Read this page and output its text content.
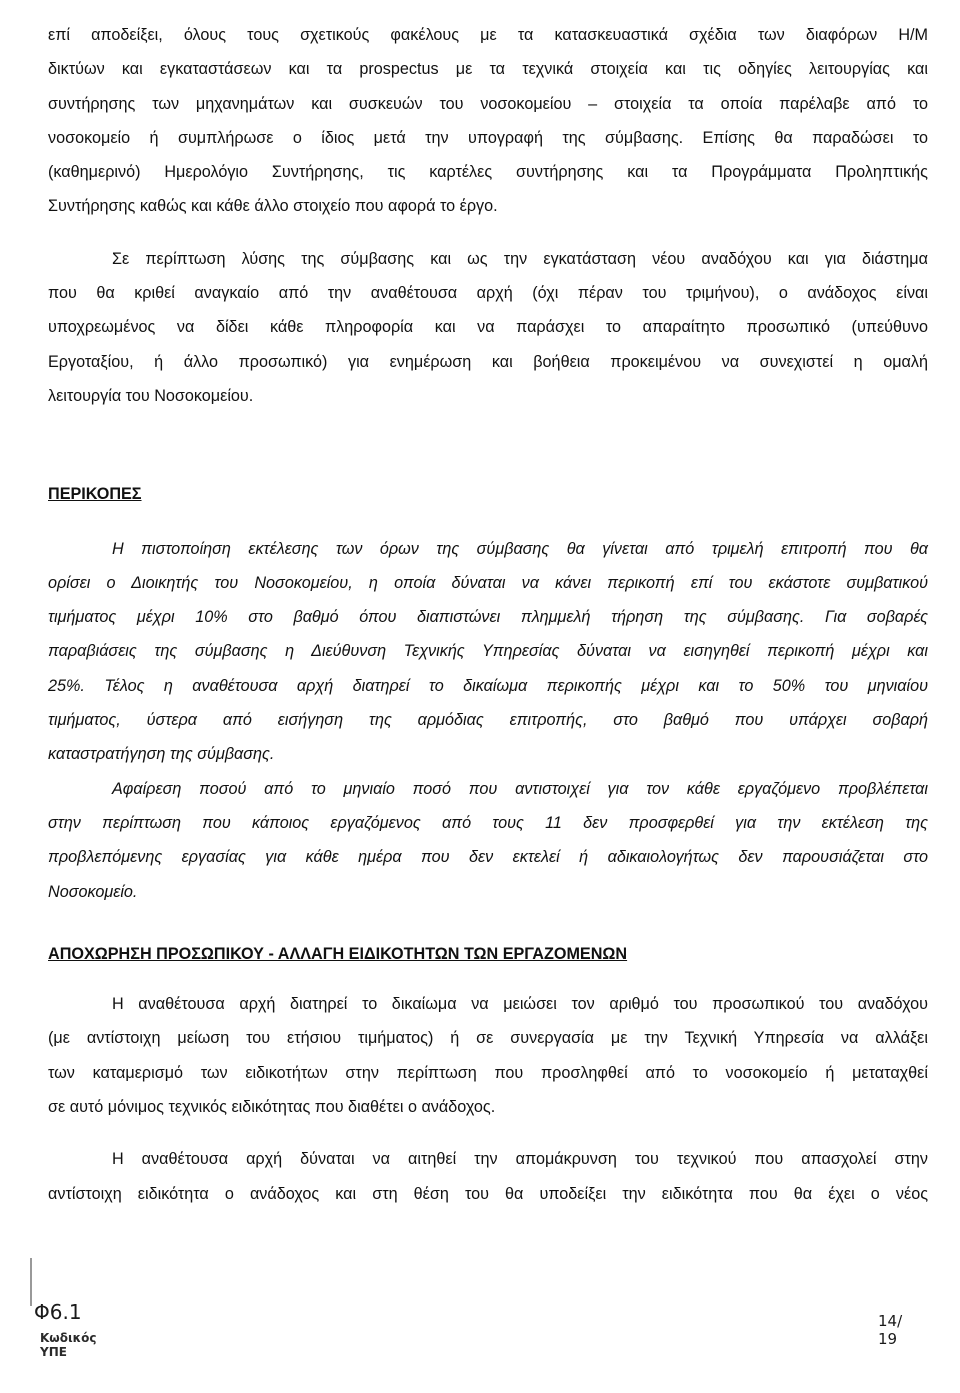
επί αποδείξει, όλους τους σχετικούς φακέλους με τα κατασκευαστικά σχέδια των διαφόρων Η/Μ
δικτύων και εγκαταστάσεων και τα prospectus με τα τεχνικά στοιχεία και τις οδηγίες λειτουργίας και
συντήρησης των μηχανημάτων και συσκευών του νοσοκομείου – στοιχεία τα οποία παρέλαβε από το
νοσοκομείο ή συμπλήρωσε ο ίδιος μετά την υπογραφή της σύμβασης. Επίσης θα παραδώσει το
(καθημερινό) Ημερολόγιο Συντήρησης, τις καρτέλες συντήρησης και τα Προγράμματα Προληπτικής
Συντήρησης καθώς και κάθε άλλο στοιχείο που αφορά το έργο.
Σε περίπτωση λύσης της σύμβασης και ως την εγκατάσταση νέου αναδόχου και για διάστημα
που θα κριθεί αναγκαίο από την αναθέτουσα αρχή (όχι πέραν του τριμήνου), ο ανάδοχος είναι
υποχρεωμένος να δίδει κάθε πληροφορία και να παράσχει το απαραίτητο προσωπικό (υπεύθυνο
Εργοταξίου, ή άλλο προσωπικό) για ενημέρωση και βοήθεια προκειμένου να συνεχιστεί η ομαλή
λειτουργία του Νοσοκομείου.
ΠΕΡΙΚΟΠΕΣ
Η πιστοποίηση εκτέλεσης των όρων της σύμβασης θα γίνεται από τριμελή επιτροπή που θα
ορίσει ο Διοικητής του Νοσοκομείου, η οποία δύναται να κάνει περικοπή επί του εκάστοτε συμβατικού
τιμήματος μέχρι 10% στο βαθμό όπου διαπιστώνει πλημμελή τήρηση της σύμβασης. Για σοβαρές
παραβιάσεις της σύμβασης η Διεύθυνση Τεχνικής Υπηρεσίας δύναται να εισηγηθεί περικοπή μέχρι και
25%. Τέλος η αναθέτουσα αρχή διατηρεί το δικαίωμα περικοπής μέχρι και το 50% του μηνιαίου
τιμήματος, ύστερα από εισήγηση της αρμόδιας επιτροπής, στο βαθμό που υπάρχει σοβαρή
καταστρατήγηση της σύμβασης.
Αφαίρεση ποσού από το μηνιαίο ποσό που αντιστοιχεί για τον κάθε εργαζόμενο προβλέπεται
στην περίπτωση που κάποιος εργαζόμενος από τους 11 δεν προσφερθεί για την εκτέλεση της
προβλεπόμενης εργασίας για κάθε ημέρα που δεν εκτελεί ή αδικαιολογήτως δεν παρουσιάζεται στο
Νοσοκομείο.
ΑΠΟΧΩΡΗΣΗ ΠΡΟΣΩΠΙΚΟΥ - ΑΛΛΑΓΗ ΕΙΔΙΚΟΤΗΤΩΝ ΤΩΝ ΕΡΓΑΖΟΜΕΝΩΝ
Η αναθέτουσα αρχή διατηρεί το δικαίωμα να μειώσει τον αριθμό του προσωπικού του αναδόχου
(με αντίστοιχη μείωση του ετήσιου τιμήματος) ή σε συνεργασία με την Τεχνική Υπηρεσία να αλλάξει
των καταμερισμό των ειδικοτήτων στην περίπτωση που προσληφθεί από το νοσοκομείο ή μεταταχθεί
σε αυτό μόνιμος τεχνικός ειδικότητας που διαθέτει ο ανάδοχος.
Η αναθέτουσα αρχή δύναται να αιτηθεί την απομάκρυνση του τεχνικού που απασχολεί στην
αντίστοιχη ειδικότητα ο ανάδοχος και στη θέση του θα υποδείξει την ειδικότητα που θα έχει ο νέος
Φ6.1
Κωδικός ΥΠΕ
14/ 19
